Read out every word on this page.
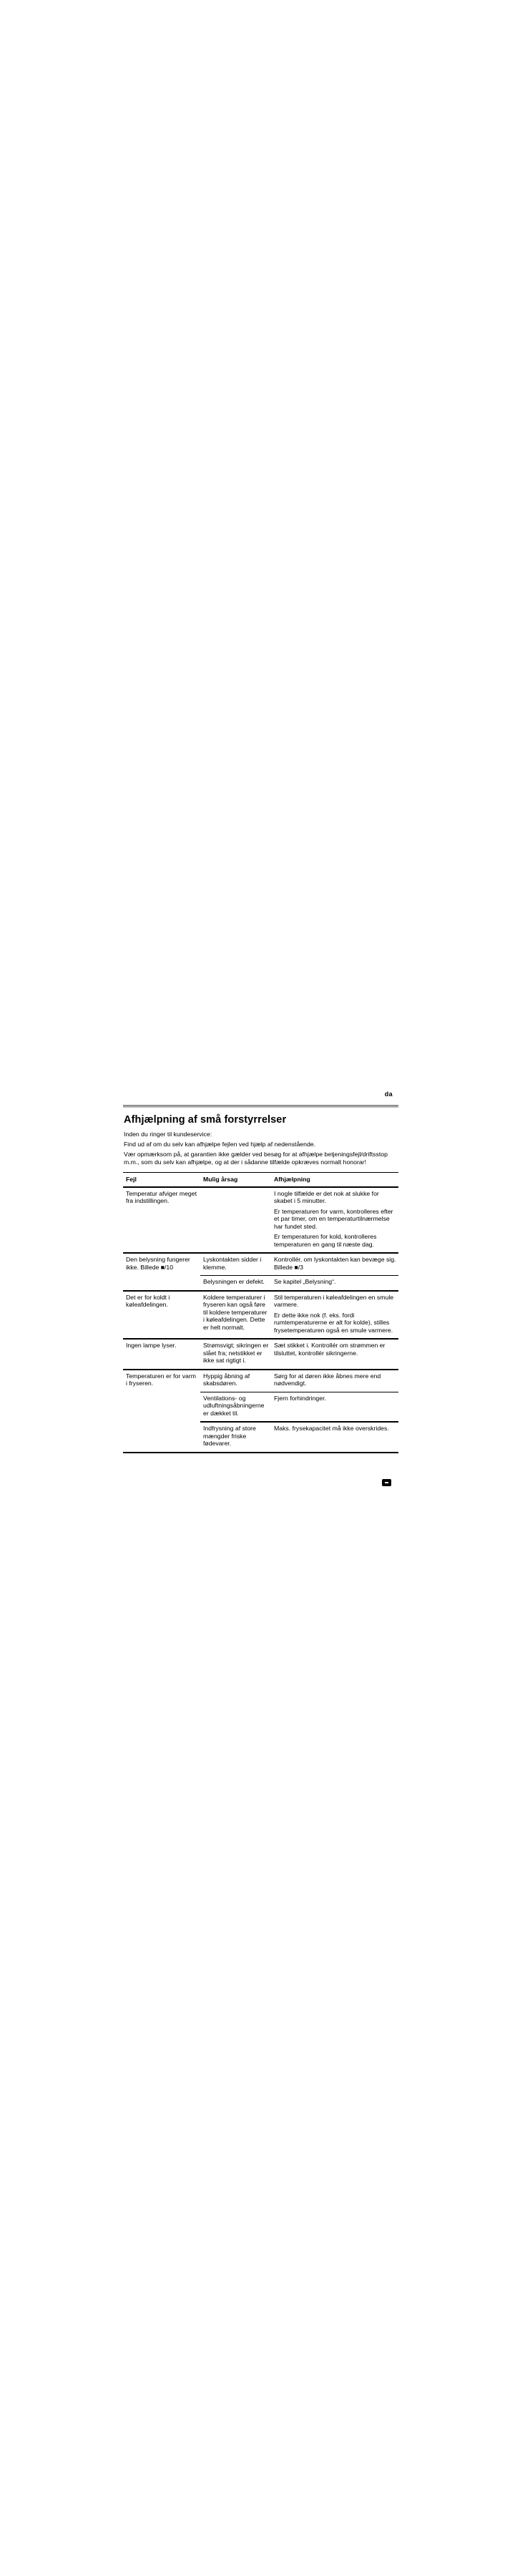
da
Afhjælpning af små forstyrrelser

Inden du ringer til kundeservice:

Find ud af om du selv kan afhjælpe fejlen ved hjælp af nedenstående.

Vær opmærksom på, at garantien ikke gælder ved besøg for at afhjælpe betjeningsfejl/driftsstop m.m., som du selv kan afhjælpe, og at der i sådanne tilfælde opkræves normalt honorar!

Fejl	Mulig årsag	Afhjælpning
Temperatur afviger meget fra indstillingen.		I nogle tilfælde er det nok at slukke for skabet i 5 minutter.

Er temperaturen for varm, kontrolleres efter et par timer, om en temperaturtilnærmelse har fundet sted.

Er temperaturen for kold, kontrolleres temperaturen en gang til næste dag.

Den belysning fungerer ikke. Billede ■/10	Lyskontakten sidder i klemme.	Kontrollér, om lyskontakten kan bevæge sig. Billede ■/3
	Belysningen er defekt.	Se kapitel „Belysning“.
Det er for koldt i køleafdelingen.	Koldere temperaturer i fryseren kan også føre til koldere temperaturer i køleafdelingen. Dette er helt normalt.	Stil temperaturen i køleafdelingen en smule varmere.

Er dette ikke nok (f. eks. fordi rumtemperaturerne er alt for kolde), stilles frysetemperaturen også en smule varmere.

Ingen lampe lyser.	Strømsvigt; sikringen er slået fra; netstikket er ikke sat rigtigt i.	Sæt stikket i. Kontrollér om strømmen er tilsluttet, kontrollér sikringerne.
Temperaturen er for varm i fryseren.	Hyppig åbning af skabsdøren.	Sørg for at døren ikke åbnes mere end nødvendigt.
	Ventilations- og udluftningsåbningerne er dækket til.	Fjern forhindringer.
	Indfrysning af store mængder friske fødevarer.	Maks. frysekapacitet må ikke overskrides.
